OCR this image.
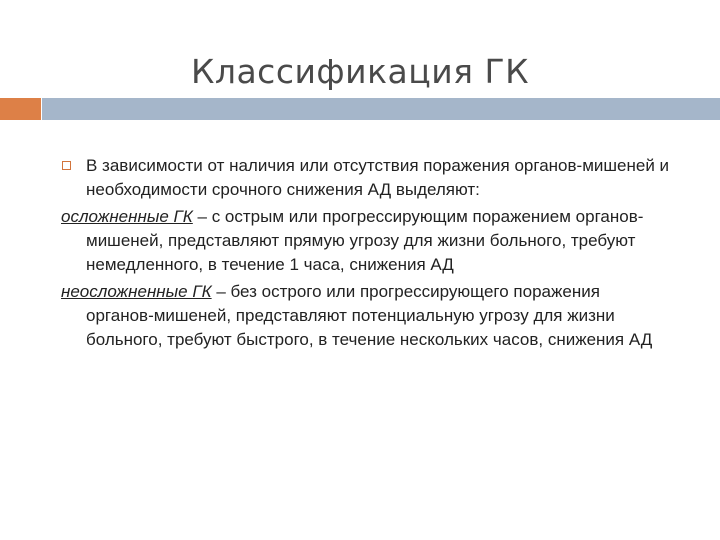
Классификация ГК
В зависимости от наличия или отсутствия поражения органов-мишеней и необходимости срочного снижения АД выделяют:
осложненные ГК – с острым или прогрессирующим поражением органов-мишеней, представляют прямую угрозу для жизни больного, требуют немедленного, в течение 1 часа, снижения АД
неосложненные ГК – без острого или прогрессирующего поражения органов-мишеней, представляют потенциальную угрозу для жизни больного, требуют быстрого, в течение нескольких часов, снижения АД
